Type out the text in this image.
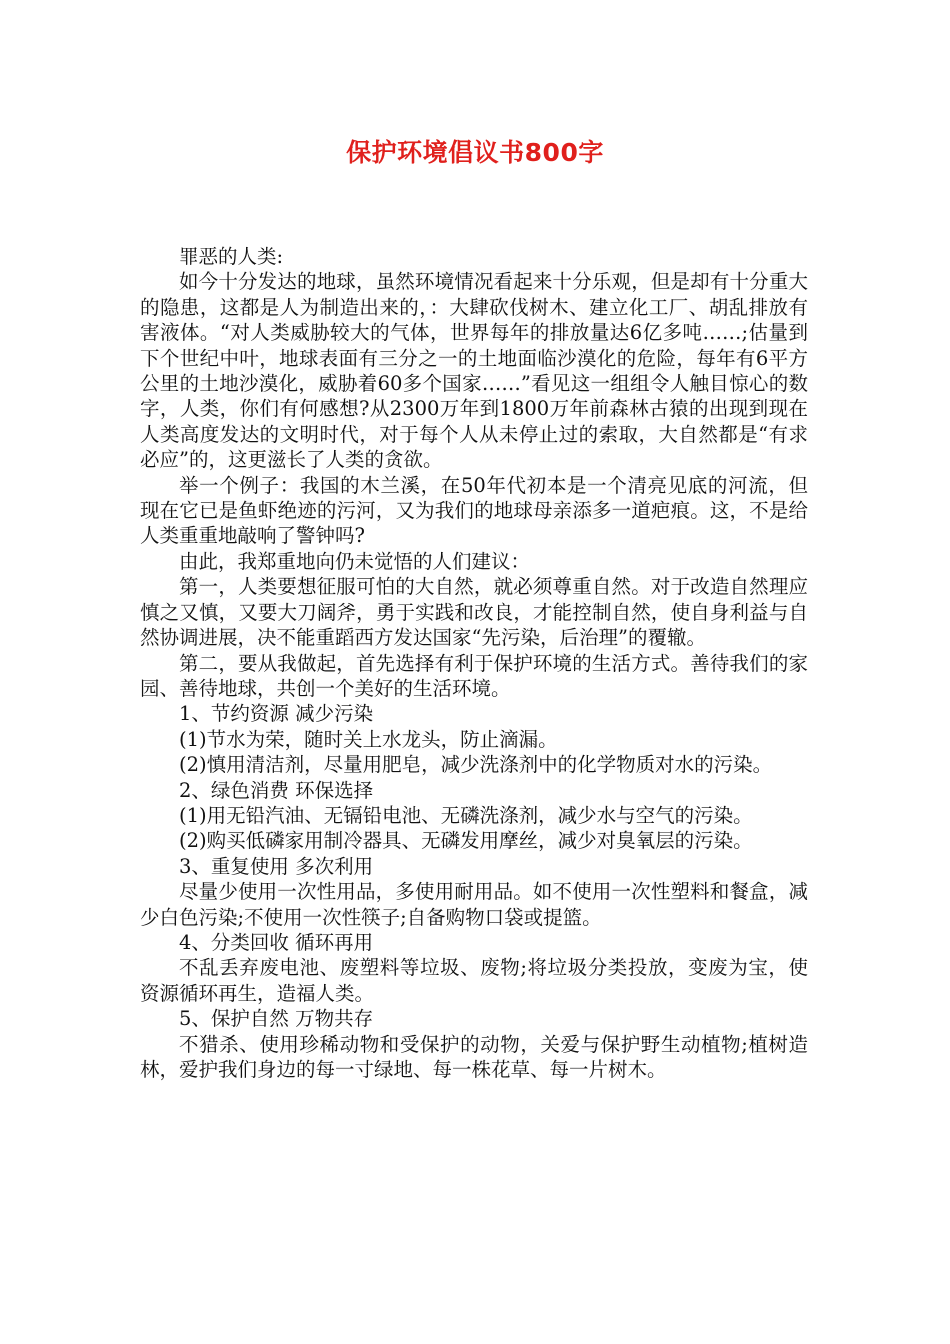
保护环境倡议书800字

罪恶的人类:

如今十分发达的地球，虽然环境情况看起来十分乐观，但是却有十分重大的隐患，这都是人为制造出来的，：大肆砍伐树木、建立化工厂、胡乱排放有害液体。“对人类威胁较大的气体，世界每年的排放量达6亿多吨……;估量到下个世纪中叶，地球表面有三分之一的土地面临沙漠化的危险，每年有6平方公里的土地沙漠化，威胁着60多个国家……”看见这一组组令人触目惊心的数字，人类，你们有何感想?从2300万年到1800万年前森林古猿的出现到现在人类高度发达的文明时代，对于每个人从未停止过的索取，大自然都是“有求必应”的，这更滋长了人类的贪欲。

举一个例子：我国的木兰溪，在50年代初本是一个清亮见底的河流，但现在它已是鱼虾绝迹的污河，又为我们的地球母亲添多一道疤痕。这，不是给人类重重地敲响了警钟吗?

由此，我郑重地向仍未觉悟的人们建议：

第一，人类要想征服可怕的大自然，就必须尊重自然。对于改造自然理应慎之又慎，又要大刀阔斧，勇于实践和改良，才能控制自然，使自身利益与自然协调进展，决不能重蹈西方发达国家“先污染，后治理”的覆辙。

第二，要从我做起，首先选择有利于保护环境的生活方式。善待我们的家园、善待地球，共创一个美好的生活环境。

1、节约资源 减少污染

(1)节水为荣，随时关上水龙头，防止滴漏。

(2)慎用清洁剂，尽量用肥皂，减少洗涤剂中的化学物质对水的污染。

2、绿色消费 环保选择

(1)用无铅汽油、无镉铅电池、无磷洗涤剂，减少水与空气的污染。

(2)购买低磷家用制冷器具、无磷发用摩丝，减少对臭氧层的污染。

3、重复使用 多次利用

尽量少使用一次性用品，多使用耐用品。如不使用一次性塑料和餐盒，减少白色污染;不使用一次性筷子;自备购物口袋或提篮。

4、分类回收 循环再用

不乱丢弃废电池、废塑料等垃圾、废物;将垃圾分类投放，变废为宝，使资源循环再生，造福人类。

5、保护自然 万物共存

不猎杀、使用珍稀动物和受保护的动物，关爱与保护野生动植物;植树造林，爱护我们身边的每一寸绿地、每一株花草、每一片树木。
